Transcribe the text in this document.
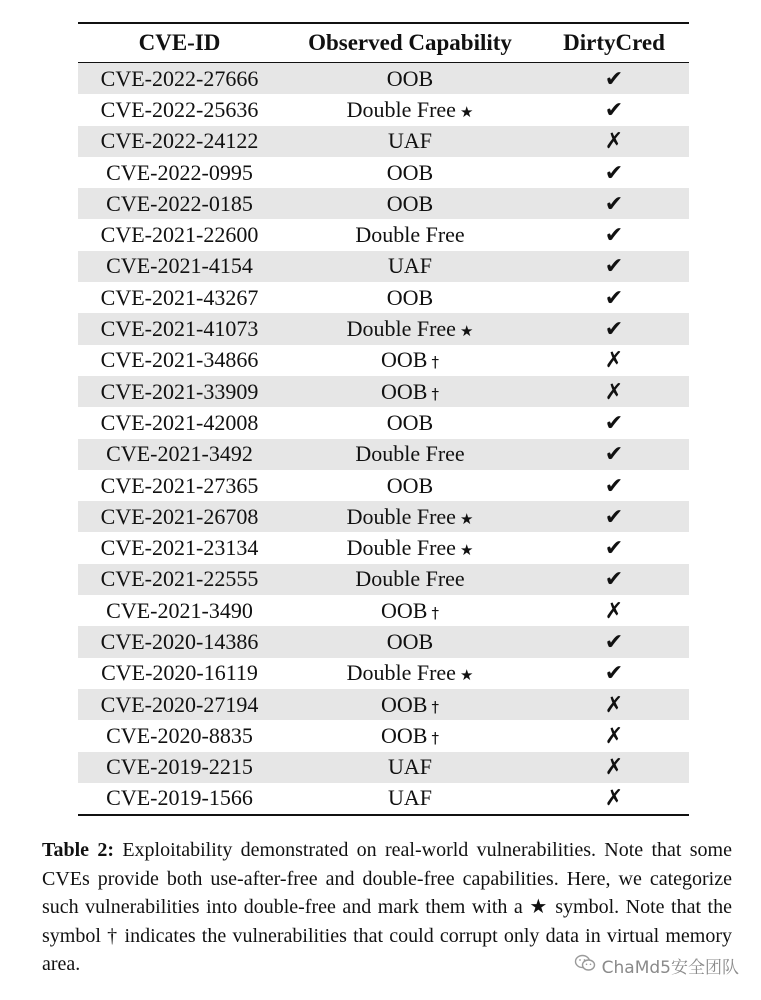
CVE-ID	Observed Capability	DirtyCred
CVE-2022-27666	OOB	✔
CVE-2022-25636	Double Free ★	✔
CVE-2022-24122	UAF	✗
CVE-2022-0995	OOB	✔
CVE-2022-0185	OOB	✔
CVE-2021-22600	Double Free	✔
CVE-2021-4154	UAF	✔
CVE-2021-43267	OOB	✔
CVE-2021-41073	Double Free ★	✔
CVE-2021-34866	OOB †	✗
CVE-2021-33909	OOB †	✗
CVE-2021-42008	OOB	✔
CVE-2021-3492	Double Free	✔
CVE-2021-27365	OOB	✔
CVE-2021-26708	Double Free ★	✔
CVE-2021-23134	Double Free ★	✔
CVE-2021-22555	Double Free	✔
CVE-2021-3490	OOB †	✗
CVE-2020-14386	OOB	✔
CVE-2020-16119	Double Free ★	✔
CVE-2020-27194	OOB †	✗
CVE-2020-8835	OOB †	✗
CVE-2019-2215	UAF	✗
CVE-2019-1566	UAF	✗
Table 2: Exploitability demonstrated on real-world vulnerabilities. Note that some CVEs provide both use-after-free and double-free capabilities. Here, we categorize such vulnerabilities into double-free and mark them with a ★ symbol. Note that the symbol † indicates the vulnerabilities that could corrupt only data in virtual memory area.	ChaMd5安全团队
